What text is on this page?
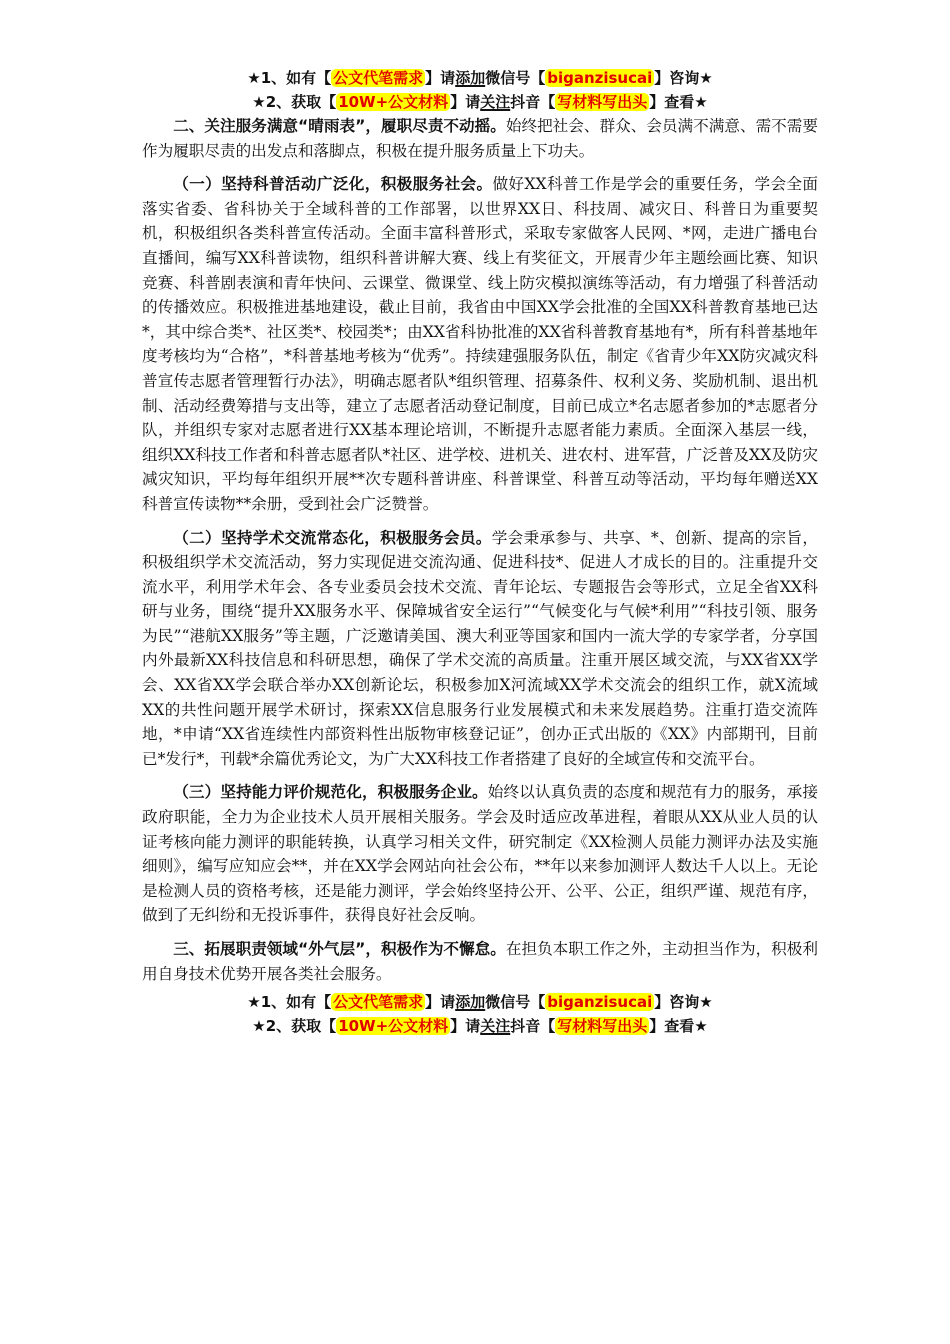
★1、如有【 公文代笔需求 】请添加微信号【 biganzisucai 】咨询★
★2、获取【 10W+公文材料 】请关注抖音【 写材料写出头 】查看★

二、关注服务满意“晴雨表”，履职尽责不动摇。始终把社会、群众、会员满不满意、需不需要作为履职尽责的出发点和落脚点，积极在提升服务质量上下功夫。

（一）坚持科普活动广泛化，积极服务社会。做好XX科普工作是学会的重要任务，学会全面落实省委、省科协关于全域科普的工作部署，以世界XX日、科技周、减灾日、科普日为重要契机，积极组织各类科普宣传活动。全面丰富科普形式，采取专家做客人民网、*网，走进广播电台直播间，编写XX科普读物，组织科普讲解大赛、线上有奖征文，开展青少年主题绘画比赛、知识竞赛、科普剧表演和青年快问、云课堂、微课堂、线上防灾模拟演练等活动，有力增强了科普活动的传播效应。积极推进基地建设，截止目前，我省由中国XX学会批准的全国XX科普教育基地已达*，其中综合类*、社区类*、校园类*；由XX省科协批准的XX省科普教育基地有*，所有科普基地年度考核均为“合格”，*科普基地考核为“优秀”。持续建强服务队伍，制定《省青少年XX防灾减灾科普宣传志愿者管理暂行办法》，明确志愿者队*组织管理、招募条件、权利义务、奖励机制、退出机制、活动经费筹措与支出等，建立了志愿者活动登记制度，目前已成立*名志愿者参加的*志愿者分队，并组织专家对志愿者进行XX基本理论培训，不断提升志愿者能力素质。全面深入基层一线，组织XX科技工作者和科普志愿者队*社区、进学校、进机关、进农村、进军营，广泛普及XX及防灾减灾知识，平均每年组织开展**次专题科普讲座、科普课堂、科普互动等活动，平均每年赠送XX科普宣传读物**余册，受到社会广泛赞誉。

（二）坚持学术交流常态化，积极服务会员。学会秉承参与、共享、*、创新、提高的宗旨，积极组织学术交流活动，努力实现促进交流沟通、促进科技*、促进人才成长的目的。注重提升交流水平，利用学术年会、各专业委员会技术交流、青年论坛、专题报告会等形式，立足全省XX科研与业务，围绕“提升XX服务水平、保障城省安全运行”“气候变化与气候*利用”“科技引领、服务为民”“港航XX服务”等主题，广泛邀请美国、澳大利亚等国家和国内一流大学的专家学者，分享国内外最新XX科技信息和科研思想，确保了学术交流的高质量。注重开展区域交流，与XX省XX学会、XX省XX学会联合举办XX创新论坛，积极参加X河流域XX学术交流会的组织工作，就X流域XX的共性问题开展学术研讨，探索XX信息服务行业发展模式和未来发展趋势。注重打造交流阵地，*申请“XX省连续性内部资料性出版物审核登记证”，创办正式出版的《XX》内部期刊，目前已*发行*，刊载*余篇优秀论文，为广大XX科技工作者搭建了良好的全域宣传和交流平台。

（三）坚持能力评价规范化，积极服务企业。始终以认真负责的态度和规范有力的服务，承接政府职能，全力为企业技术人员开展相关服务。学会及时适应改革进程，着眼从XX从业人员的认证考核向能力测评的职能转换，认真学习相关文件，研究制定《XX检测人员能力测评办法及实施细则》，编写应知应会**，并在XX学会网站向社会公布，**年以来参加测评人数达千人以上。无论是检测人员的资格考核，还是能力测评，学会始终坚持公开、公平、公正，组织严谨、规范有序，做到了无纠纷和无投诉事件，获得良好社会反响。

三、拓展职责领域“外气层”，积极作为不懈怠。在担负本职工作之外，主动担当作为，积极利用自身技术优势开展各类社会服务。

★1、如有【 公文代笔需求 】请添加微信号【 biganzisucai 】咨询★
★2、获取【 10W+公文材料 】请关注抖音【 写材料写出头 】查看★
